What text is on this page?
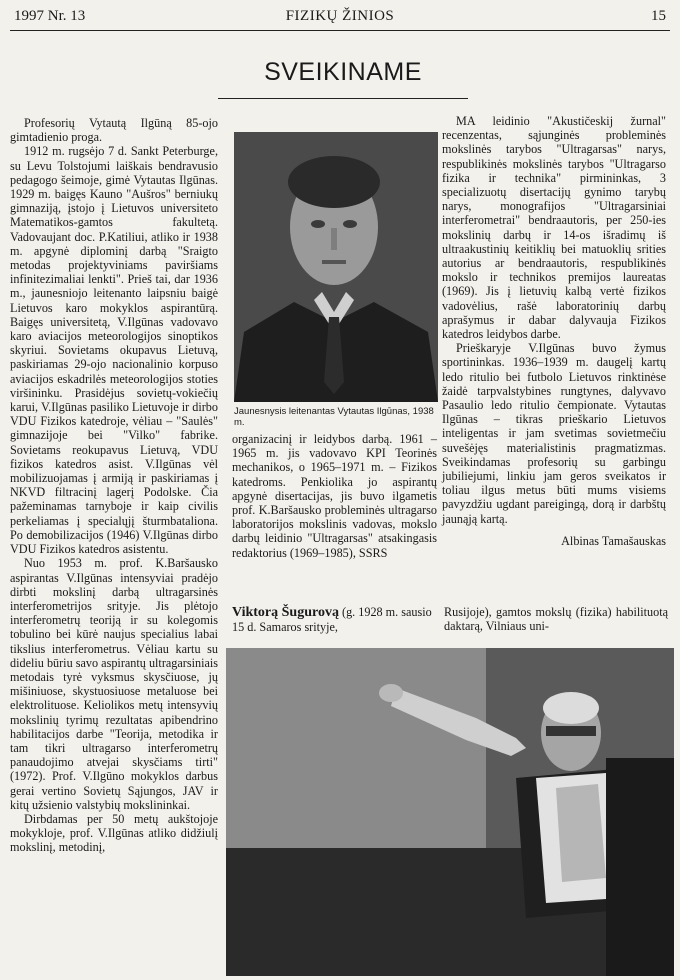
1997 Nr. 13	FIZIKŲ ŽINIOS	15
SVEIKINAME

Profesorių Vytautą Ilgūną 85-ojo gimtadienio proga.

1912 m. rugsėjo 7 d. Sankt Peterburge, su Levu Tolstojumi laiškais bendravusio pedagogo šeimoje, gimė Vytautas Ilgūnas. 1929 m. baigęs Kauno "Aušros" berniukų gimnaziją, įstojo į Lietuvos universiteto Matematikos-gamtos fakultetą. Vadovaujant doc. P.Katiliui, atliko ir 1938 m. apgynė diplominį darbą "Sraigto metodas projektyviniams paviršiams infinitezimaliai lenkti". Prieš tai, dar 1936 m., jaunesniojo leitenanto laipsniu baigė Lietuvos karo mokyklos aspirantūrą. Baigęs universitetą, V.Ilgūnas vadovavo karo aviacijos meteorologijos sinoptikos skyriui. Sovietams okupavus Lietuvą, paskiriamas 29-ojo nacionalinio korpuso aviacijos eskadrilės meteorologijos stoties viršininku. Prasidėjus sovietų-vokiečių karui, V.Ilgūnas pasiliko Lietuvoje ir dirbo VDU Fizikos katedroje, vėliau – "Saulės" gimnazijoje bei "Vilko" fabrike. Sovietams reokupavus Lietuvą, VDU fizikos katedros asist. V.Ilgūnas vėl mobilizuojamas į armiją ir paskiriamas į NKVD filtracinį lagerį Podolske. Čia pažeminamas tarnyboje ir kaip civilis perkeliamas į specialųjį šturmbataliona. Po demobilizacijos (1946) V.Ilgūnas dirbo VDU Fizikos katedros asistentu.

Nuo 1953 m. prof. K.Baršausko aspirantas V.Ilgūnas intensyviai pradėjo dirbti mokslinį darbą ultragarsinės interferometrijos srityje. Jis plėtojo interferometrų teoriją ir su kolegomis tobulino bei kūrė naujus specialius labai tikslius interferometrus. Vėliau kartu su dideliu būriu savo aspirantų ultragarsiniais metodais tyrė vyksmus skysčiuose, jų mišiniuose, skystuosiuose metaluose bei elektrolituose. Keliolikos metų intensyvių mokslinių tyrimų rezultatas apibendrino habilitacijos darbe "Teorija, metodika ir tam tikri ultragarso interferometrų panaudojimo atvejai skysčiams tirti" (1972). Prof. V.Ilgūno mokyklos darbus gerai vertino Sovietų Sąjungos, JAV ir kitų užsienio valstybių mokslininkai.

Dirbdamas per 50 metų aukštojoje mokykloje, prof. V.Ilgūnas atliko didžiulį mokslinį, metodinį,

Jaunesnysis leitenantas Vytautas Ilgūnas, 1938 m.

organizacinį ir leidybos darbą. 1961 –1965 m. jis vadovavo KPI Teorinės mechanikos, o 1965–1971 m. – Fizikos katedroms. Penkiolika jo aspirantų apgynė disertacijas, jis buvo ilgametis prof. K.Baršausko probleminės ultragarso laboratorijos mokslinis vadovas, mokslo darbų leidinio "Ultragarsas" atsakingasis redaktorius (1969–1985), SSRS

MA leidinio "Akustičeskij žurnal" recenzentas, sąjunginės probleminės mokslinės tarybos "Ultragarsas" narys, respublikinės mokslinės tarybos "Ultragarso fizika ir technika" pirmininkas, 3 specializuotų disertacijų gynimo tarybų narys, monografijos "Ultragarsiniai interferometrai" bendraautoris, per 250-ies mokslinių darbų ir 14-os išradimų iš ultraakustinių keitiklių bei matuoklių srities autorius ar bendraautoris, respublikinės mokslo ir technikos premijos laureatas (1969). Jis į lietuvių kalbą vertė fizikos vadovėlius, rašė laboratorinių darbų aprašymus ir dabar dalyvauja Fizikos katedros leidybos darbe.

Prieškaryje V.Ilgūnas buvo žymus sportininkas. 1936–1939 m. daugelį kartų ledo ritulio bei futbolo Lietuvos rinktinėse žaidė tarpvalstybines rungtynes, dalyvavo Pasaulio ledo ritulio čempionate. Vytautas Ilgūnas – tikras prieškario Lietuvos inteligentas ir jam svetimas sovietmečiu suvešėjęs materialistinis pragmatizmas. Sveikindamas profesorių su garbingu jubiliejumi, linkiu jam geros sveikatos ir toliau ilgus metus būti mums visiems pavyzdžiu ugdant pareigingą, dorą ir darbštų jaunąją kartą.

Albinas Tamašauskas

Viktorą Šugurovą (g. 1928 m. sausio 15 d. Samaros srityje,
Rusijoje), gamtos mokslų (fizika) habilituotą daktarą, Vilniaus uni-
